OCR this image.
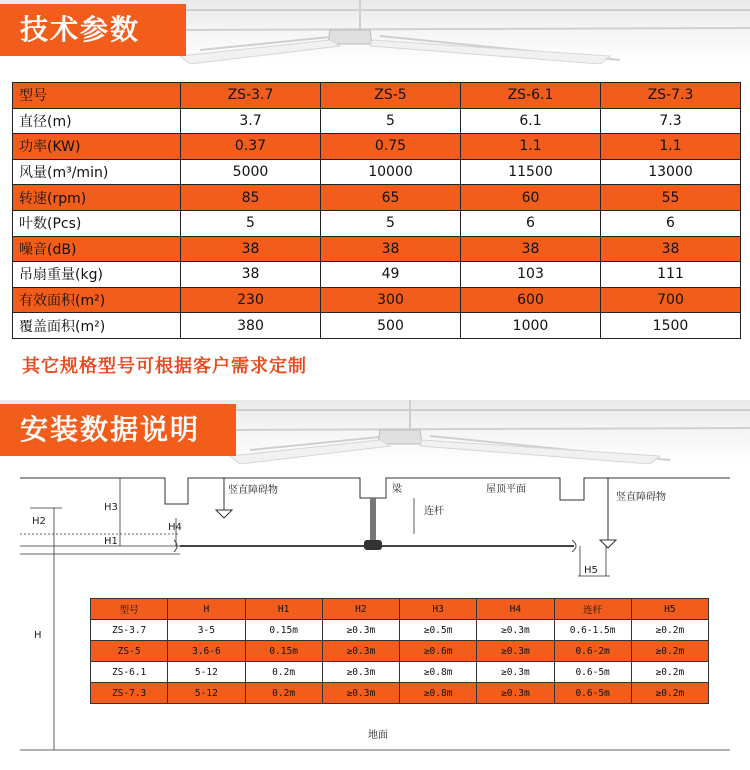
技术参数
型号	ZS-3.7	ZS-5	ZS-6.1	ZS-7.3
直径(m)	3.7	5	6.1	7.3
功率(KW)	0.37	0.75	1.1	1.1
风量(m³/min)	5000	10000	11500	13000
转速(rpm)	85	65	60	55
叶数(Pcs)	5	5	6	6
噪音(dB)	38	38	38	38
吊扇重量(kg)	38	49	103	111
有效面积(m²)	230	300	600	700
覆盖面积(m²)	380	500	1000	1500
其它规格型号可根据客户需求定制
安装数据说明
竖直障碍物	梁	屋顶平面
竖直障碍物
连杆
H3
H2
H4
H1
H5
H
地面
型号	H	H1	H2	H3	H4	连杆	H5
ZS-3.7	3-5	0.15m	≥0.3m	≥0.5m	≥0.3m	0.6-1.5m	≥0.2m
ZS-5	3.6-6	0.15m	≥0.3m	≥0.6m	≥0.3m	0.6-2m	≥0.2m
ZS-6.1	5-12	0.2m	≥0.3m	≥0.8m	≥0.3m	0.6-5m	≥0.2m
ZS-7.3	5-12	0.2m	≥0.3m	≥0.8m	≥0.3m	0.6-5m	≥0.2m
